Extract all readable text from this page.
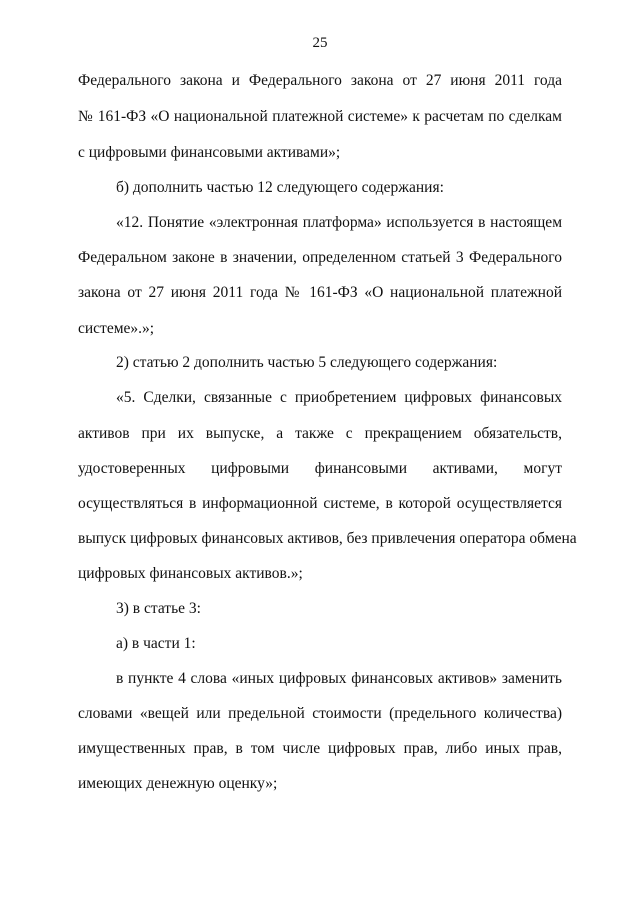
25
Федерального закона и Федерального закона от 27 июня 2011 года
№ 161-ФЗ «О национальной платежной системе» к расчетам по сделкам
с цифровыми финансовыми активами»;
б) дополнить частью 12 следующего содержания:
«12. Понятие «электронная платформа» используется в настоящем
Федеральном законе в значении, определенном статьей 3 Федерального
закона от 27 июня 2011 года № 161-ФЗ «О национальной платежной
системе».»;
2) статью 2 дополнить частью 5 следующего содержания:
«5. Сделки, связанные с приобретением цифровых финансовых
активов при их выпуске, а также с прекращением обязательств,
удостоверенных цифровыми финансовыми активами, могут
осуществляться в информационной системе, в которой осуществляется
выпуск цифровых финансовых активов, без привлечения оператора обмена
цифровых финансовых активов.»;
3) в статье 3:
а) в части 1:
в пункте 4 слова «иных цифровых финансовых активов» заменить
словами «вещей или предельной стоимости (предельного количества)
имущественных прав, в том числе цифровых прав, либо иных прав,
имеющих денежную оценку»;
